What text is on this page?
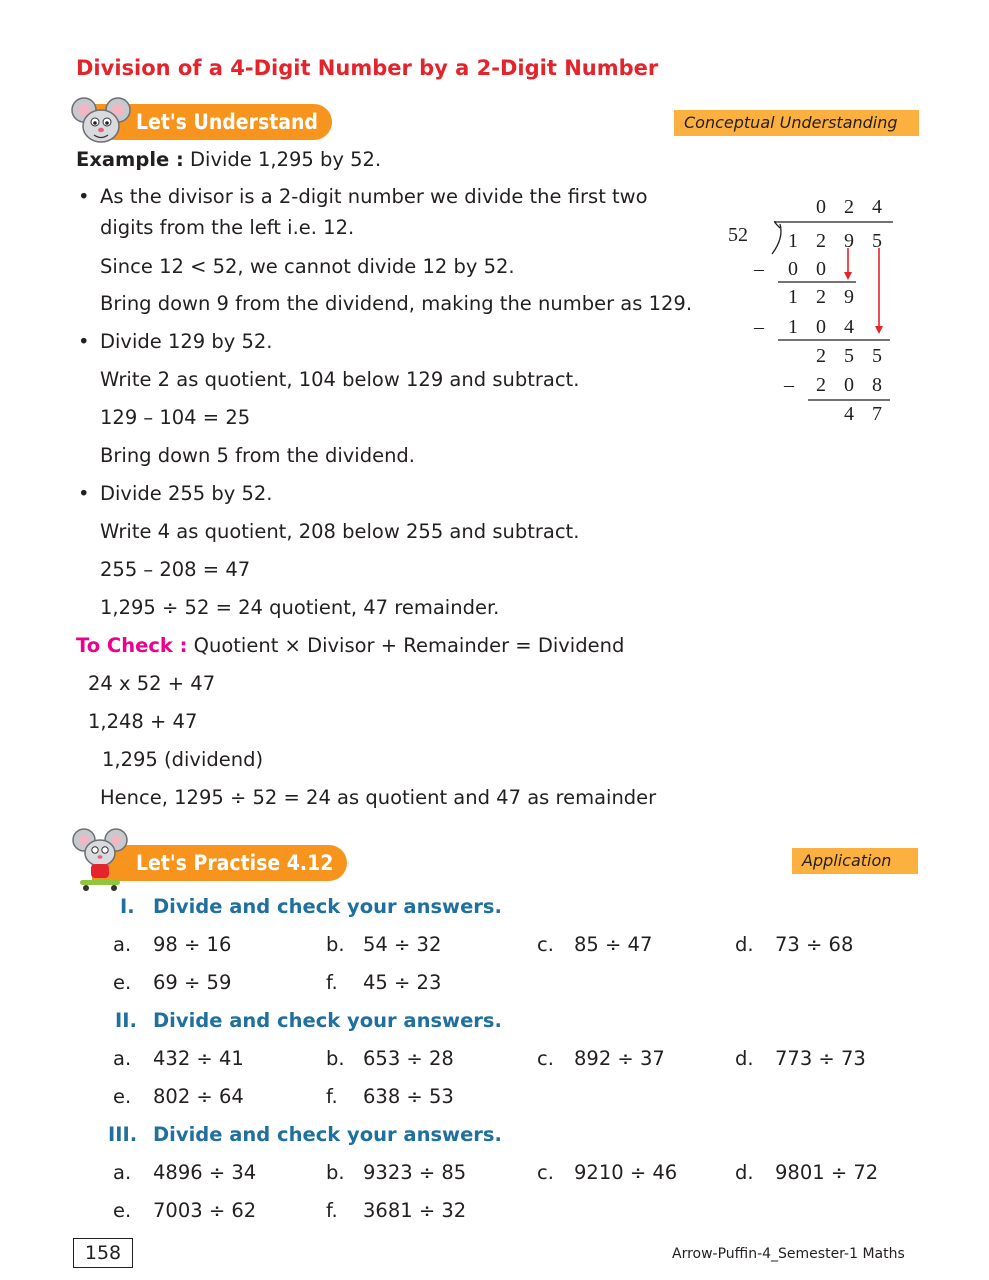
Division of a 4-Digit Number by a 2-Digit Number
Let's Understand	Conceptual Understanding
Example : Divide 1,295 by 52.
• As the divisor is a 2-digit number we divide the first two
digits from the left i.e. 12.
Since 12 < 52, we cannot divide 12 by 52.
Bring down 9 from the dividend, making the number as 129.
• Divide 129 by 52.
Write 2 as quotient, 104 below 129 and subtract.
129 – 104 = 25
Bring down 5 from the dividend.
• Divide 255 by 52.
Write 4 as quotient, 208 below 255 and subtract.
255 – 208 = 47
1,295 ÷ 52 = 24 quotient, 47 remainder.
To Check : Quotient × Divisor + Remainder = Dividend
24 x 52 + 47
1,248 + 47
1,295 (dividend)
Hence, 1295 ÷ 52 = 24 as quotient and 47 as remainder
0 2 4
52 1 2 9 5
– 0 0
1 2 9
– 1 0 4
2 5 5
– 2 0 8
4 7
Let's Practise 4.12	Application
I. Divide and check your answers.
a. 98 ÷ 16	b. 54 ÷ 32	c. 85 ÷ 47	d. 73 ÷ 68
e. 69 ÷ 59	f. 45 ÷ 23
II. Divide and check your answers.
a. 432 ÷ 41	b. 653 ÷ 28	c. 892 ÷ 37	d. 773 ÷ 73
e. 802 ÷ 64	f. 638 ÷ 53
III. Divide and check your answers.
a. 4896 ÷ 34	b. 9323 ÷ 85	c. 9210 ÷ 46	d. 9801 ÷ 72
e. 7003 ÷ 62	f. 3681 ÷ 32
158	Arrow-Puffin-4_Semester-1 Maths
